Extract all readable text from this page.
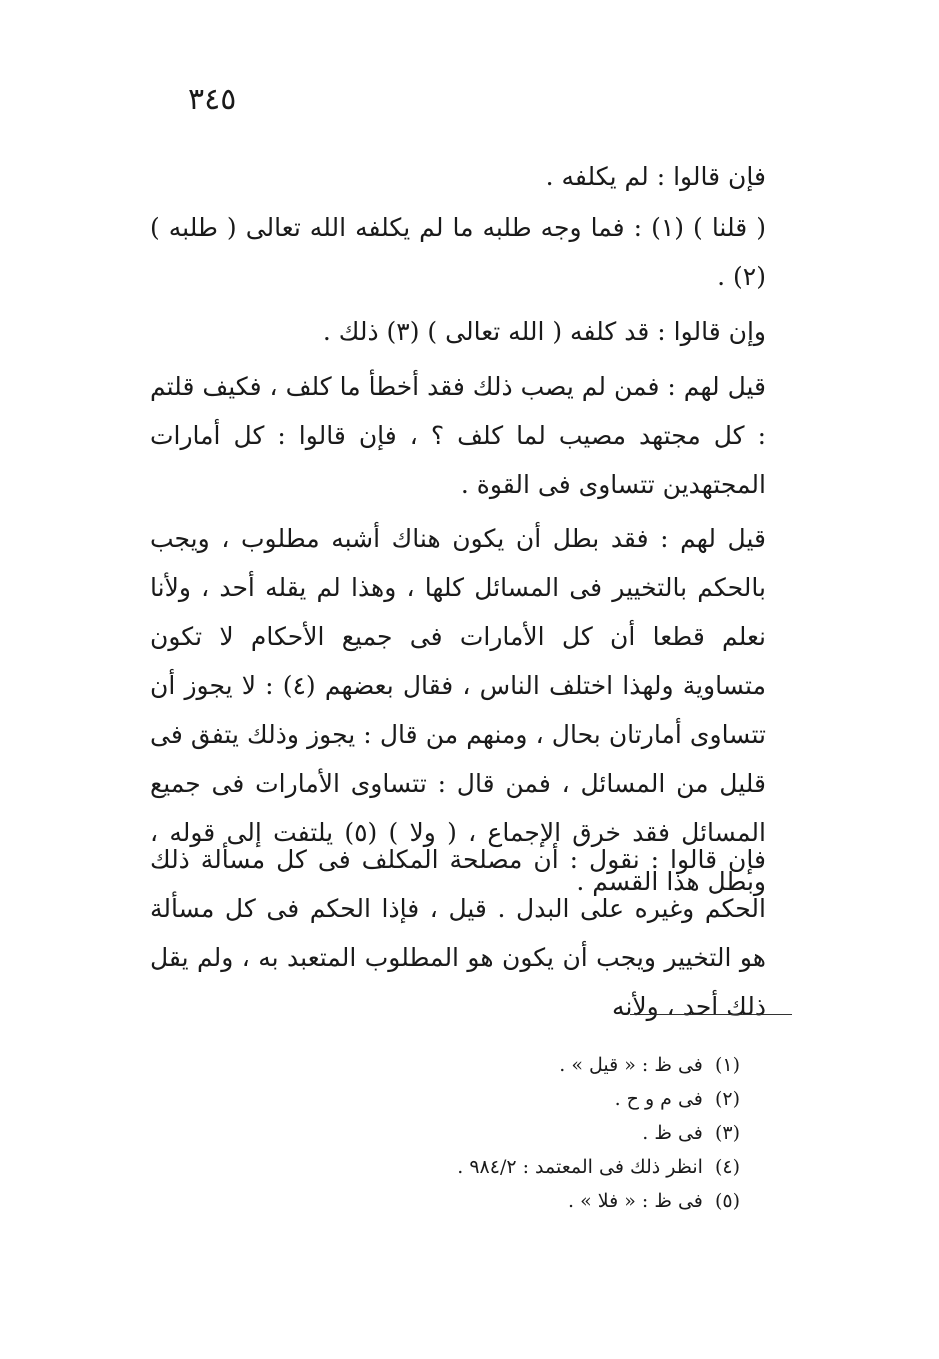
٣٤٥

فإن قالوا : لم يكلفه .

( قلنا ) (١) : فما وجه طلبه ما لم يكلفه الله تعالى ( طلبه ) (٢) .

وإن قالوا : قد كلفه ( الله تعالى ) (٣) ذلك .

قيل لهم : فمن لم يصب ذلك فقد أخطأ ما كلف ، فكيف قلتم : كل مجتهد مصيب لما كلف ؟ ، فإن قالوا : كل أمارات المجتهدين تتساوى فى القوة .

قيل لهم : فقد بطل أن يكون هناك أشبه مطلوب ، ويجب بالحكم بالتخيير فى المسائل كلها ، وهذا لم يقله أحد ، ولأنا نعلم قطعا أن كل الأمارات فى جميع الأحكام لا تكون متساوية ولهذا اختلف الناس ، فقال بعضهم (٤) : لا يجوز أن تتساوى أمارتان بحال ، ومنهم من قال : يجوز وذلك يتفق فى قليل من المسائل ، فمن قال : تتساوى الأمارات فى جميع المسائل فقد خرق الإجماع ، ( ولا ) (٥) يلتفت إلى قوله ، وبطل هذا القسم .

فإن قالوا : نقول : أن مصلحة المكلف فى كل مسألة ذلك الحكم وغيره على البدل . قيل ، فإذا الحكم فى كل مسألة هو التخيير ويجب أن يكون هو المطلوب المتعبد به ، ولم يقل ذلك أحد ، ولأنه

(١) فى ظ : « قيل » .

(٢) فى م و ح .

(٣) فى ظ .

(٤) انظر ذلك فى المعتمد : ٩٨٤/٢ .

(٥) فى ظ : « فلا » .
